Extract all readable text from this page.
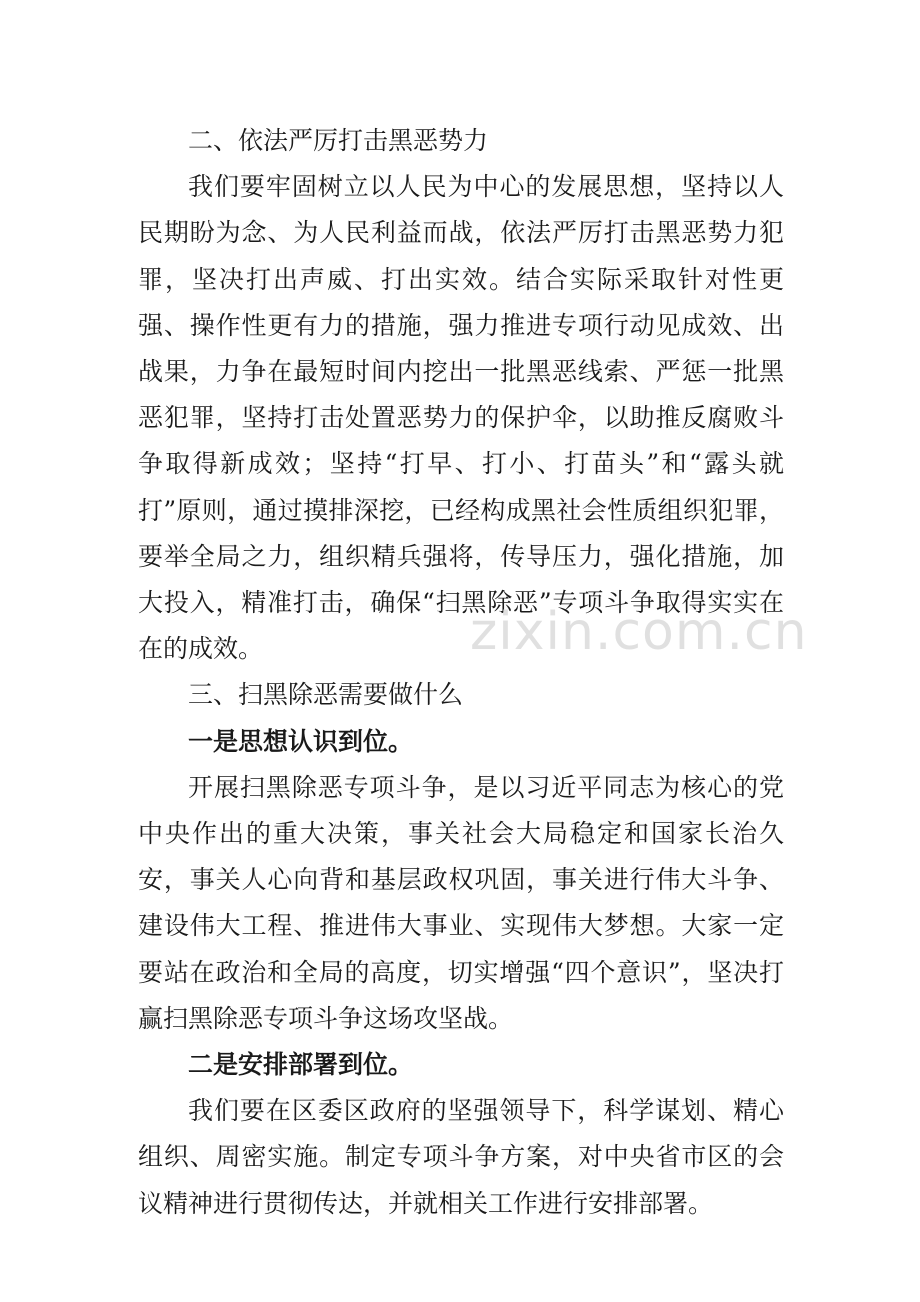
二、依法严厉打击黑恶势力

我们要牢固树立以人民为中心的发展思想，坚持以人民期盼为念、为人民利益而战，依法严厉打击黑恶势力犯罪，坚决打出声威、打出实效。结合实际采取针对性更强、操作性更有力的措施，强力推进专项行动见成效、出战果，力争在最短时间内挖出一批黑恶线索、严惩一批黑恶犯罪，坚持打击处置恶势力的保护伞，以助推反腐败斗争取得新成效；坚持“打早、打小、打苗头”和“露头就打”原则，通过摸排深挖，已经构成黑社会性质组织犯罪，要举全局之力，组织精兵强将，传导压力，强化措施，加大投入，精准打击，确保“扫黑除恶”专项斗争取得实实在在的成效。

三、扫黑除恶需要做什么

一是思想认识到位。

开展扫黑除恶专项斗争，是以习近平同志为核心的党中央作出的重大决策，事关社会大局稳定和国家长治久安，事关人心向背和基层政权巩固，事关进行伟大斗争、建设伟大工程、推进伟大事业、实现伟大梦想。大家一定要站在政治和全局的高度，切实增强“四个意识”，坚决打赢扫黑除恶专项斗争这场攻坚战。

二是安排部署到位。

我们要在区委区政府的坚强领导下，科学谋划、精心组织、周密实施。制定专项斗争方案，对中央省市区的会议精神进行贯彻传达，并就相关工作进行安排部署。

zixin.com.cn
